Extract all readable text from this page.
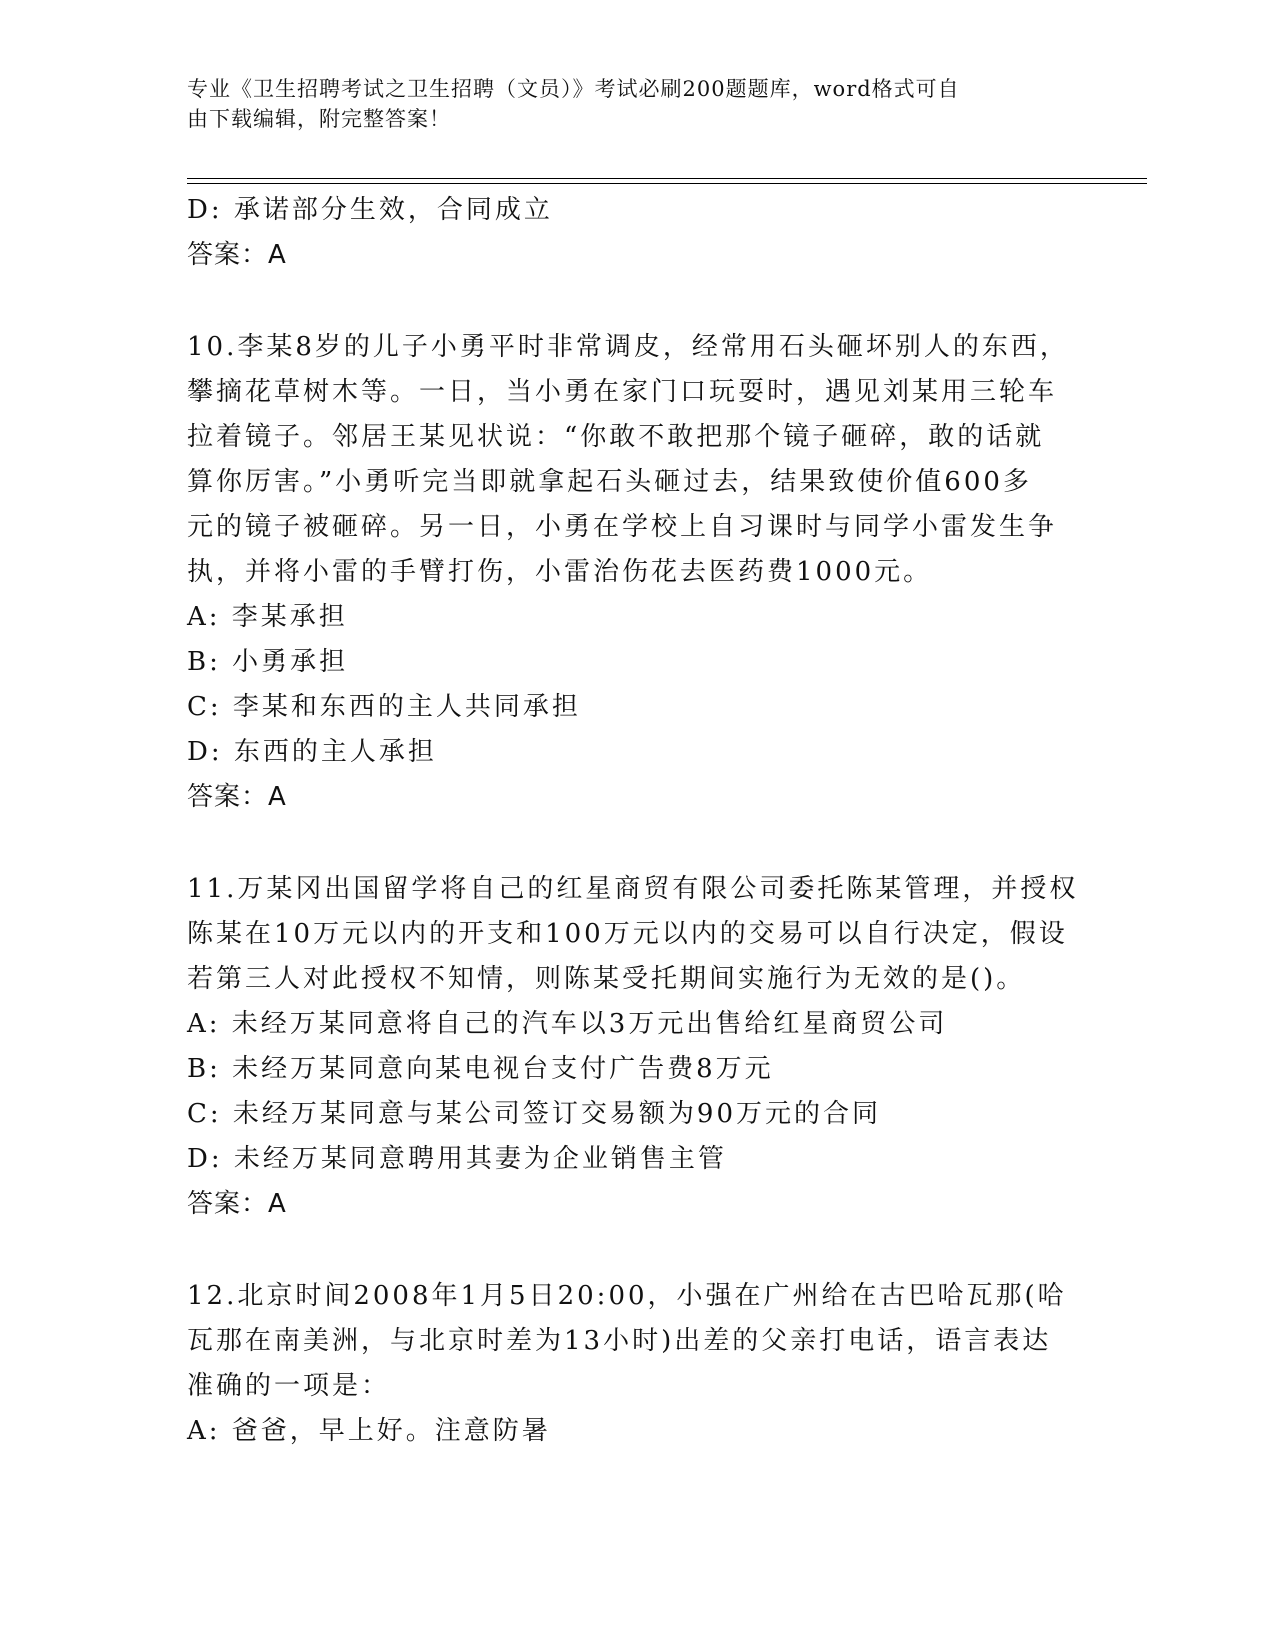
专业《卫生招聘考试之卫生招聘（文员）》考试必刷200题题库，word格式可自
由下载编辑，附完整答案！
D: 承诺部分生效，合同成立
答案：A
10.李某8岁的儿子小勇平时非常调皮，经常用石头砸坏别人的东西，
攀摘花草树木等。一日，当小勇在家门口玩耍时，遇见刘某用三轮车
拉着镜子。邻居王某见状说：“你敢不敢把那个镜子砸碎，敢的话就
算你厉害。”小勇听完当即就拿起石头砸过去，结果致使价值600多
元的镜子被砸碎。另一日，小勇在学校上自习课时与同学小雷发生争
执，并将小雷的手臂打伤，小雷治伤花去医药费1000元。
A: 李某承担
B: 小勇承担
C: 李某和东西的主人共同承担
D: 东西的主人承担
答案：A
11.万某冈出国留学将自己的红星商贸有限公司委托陈某管理，并授权
陈某在10万元以内的开支和100万元以内的交易可以自行决定，假设
若第三人对此授权不知情，则陈某受托期间实施行为无效的是()。
A: 未经万某同意将自己的汽车以3万元出售给红星商贸公司
B: 未经万某同意向某电视台支付广告费8万元
C: 未经万某同意与某公司签订交易额为90万元的合同
D: 未经万某同意聘用其妻为企业销售主管
答案：A
12.北京时间2008年1月5日20:00，小强在广州给在古巴哈瓦那(哈
瓦那在南美洲，与北京时差为13小时)出差的父亲打电话，语言表达
准确的一项是：
A: 爸爸，早上好。注意防暑
